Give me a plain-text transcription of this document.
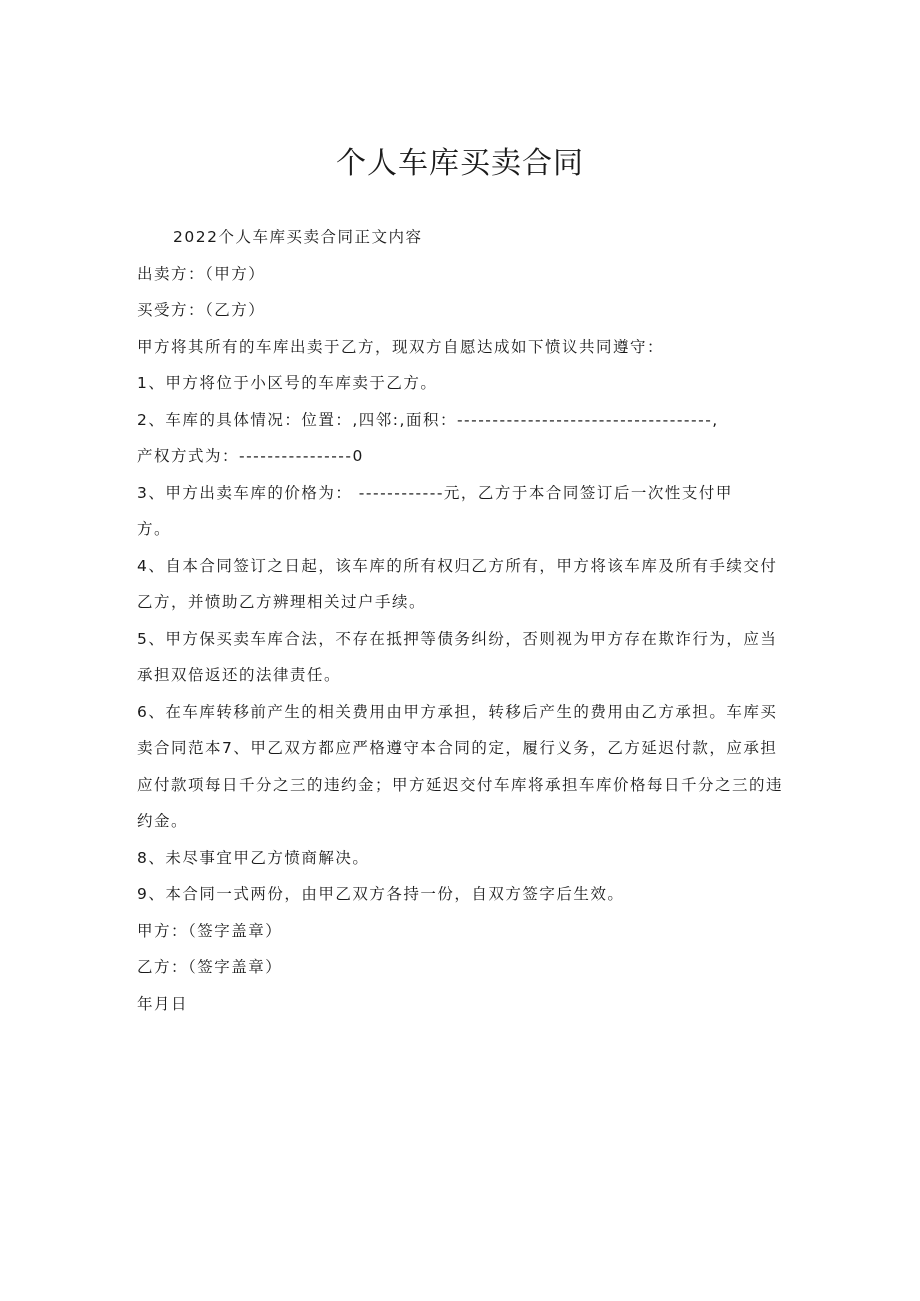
个人车库买卖合同

2022个人车库买卖合同正文内容

出卖方：（甲方）

买受方：（乙方）

甲方将其所有的车库出卖于乙方，现双方自愿达成如下愤议共同遵守：

1、甲方将位于小区号的车库卖于乙方。

2、车库的具体情况：位置：,四邻:,面积：------------------------------------,

产权方式为：----------------0

3、甲方出卖车库的价格为： ------------元，乙方于本合同签订后一次性支付甲

方。

4、自本合同签订之日起，该车库的所有权归乙方所有，甲方将该车库及所有手续交付乙方，并愤助乙方辨理相关过户手续。

5、甲方保买卖车库合法，不存在抵押等债务纠纷，否则视为甲方存在欺诈行为，应当承担双倍返还的法律责任。

6、在车库转移前产生的相关费用由甲方承担，转移后产生的费用由乙方承担。车库买卖合同范本7、甲乙双方都应严格遵守本合同的定，履行义务，乙方延迟付款，应承担应付款项每日千分之三的违约金；甲方延迟交付车库将承担车库价格每日千分之三的违约金。

8、未尽事宜甲乙方愤商解决。

9、本合同一式两份，由甲乙双方各持一份，自双方签字后生效。

甲方：（签字盖章）

乙方：（签字盖章）

年月日
